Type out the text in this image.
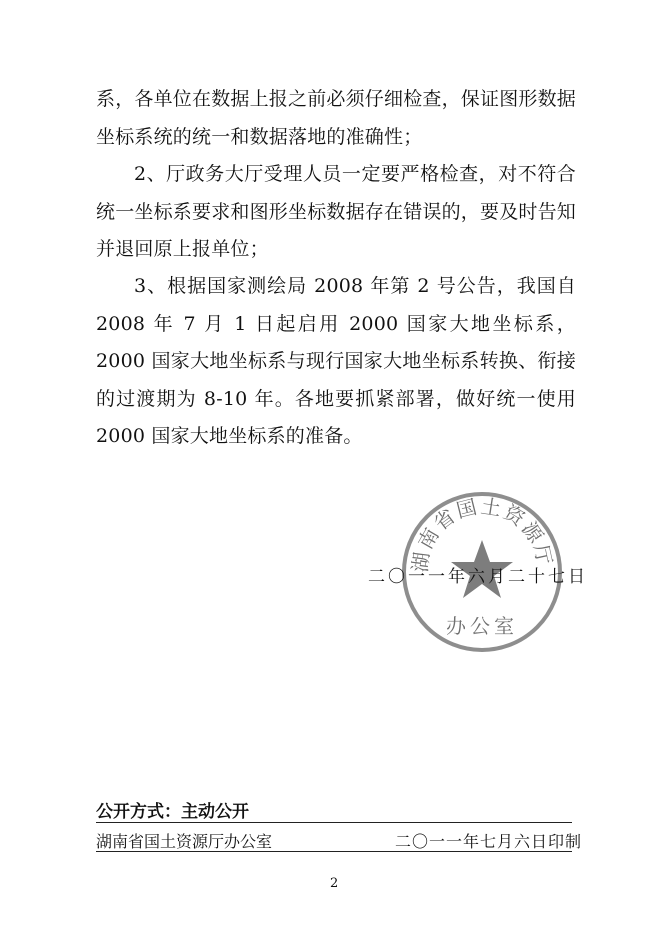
系，各单位在数据上报之前必须仔细检查，保证图形数据坐标系统的统一和数据落地的准确性；

2、厅政务大厅受理人员一定要严格检查，对不符合统一坐标系要求和图形坐标数据存在错误的，要及时告知并退回原上报单位；

3、根据国家测绘局 2008 年第 2 号公告，我国自 2008 年 7 月 1 日起启用 2000 国家大地坐标系，2000 国家大地坐标系与现行国家大地坐标系转换、衔接的过渡期为 8-10 年。各地要抓紧部署，做好统一使用 2000 国家大地坐标系的准备。

湖南省国土资源厅
办公室
二〇一一年六月二十七日
公开方式：主动公开
湖南省国土资源厅办公室	二〇一一年七月六日印制
2
